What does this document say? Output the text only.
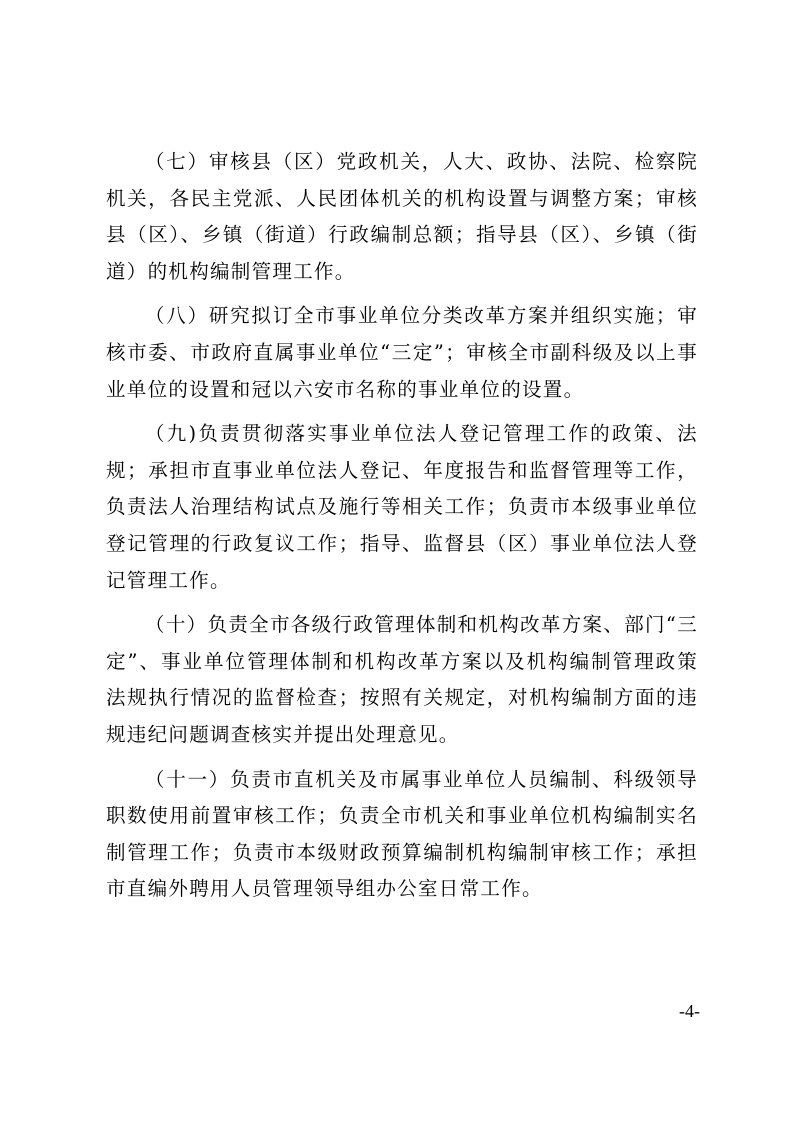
（七）审核县（区）党政机关，人大、政协、法院、检察院机关，各民主党派、人民团体机关的机构设置与调整方案；审核县（区）、乡镇（街道）行政编制总额；指导县（区）、乡镇（街道）的机构编制管理工作。

（八）研究拟订全市事业单位分类改革方案并组织实施；审核市委、市政府直属事业单位“三定”；审核全市副科级及以上事业单位的设置和冠以六安市名称的事业单位的设置。

（九)负责贯彻落实事业单位法人登记管理工作的政策、法规；承担市直事业单位法人登记、年度报告和监督管理等工作，负责法人治理结构试点及施行等相关工作；负责市本级事业单位登记管理的行政复议工作；指导、监督县（区）事业单位法人登记管理工作。

（十）负责全市各级行政管理体制和机构改革方案、部门“三定”、事业单位管理体制和机构改革方案以及机构编制管理政策法规执行情况的监督检查；按照有关规定，对机构编制方面的违规违纪问题调查核实并提出处理意见。

（十一）负责市直机关及市属事业单位人员编制、科级领导职数使用前置审核工作；负责全市机关和事业单位机构编制实名制管理工作；负责市本级财政预算编制机构编制审核工作；承担市直编外聘用人员管理领导组办公室日常工作。

-4-
